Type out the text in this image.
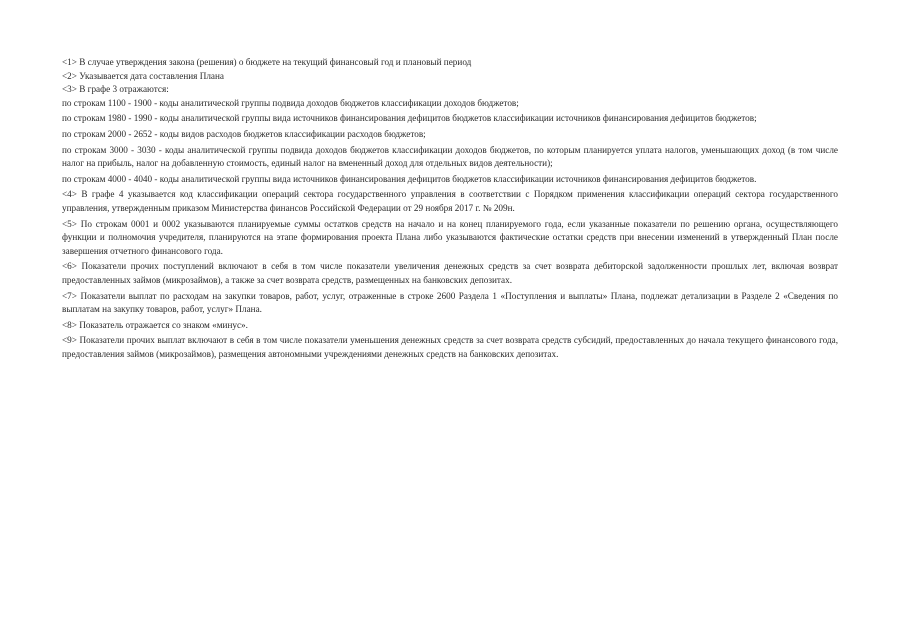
<1> В случае утверждения закона (решения) о бюджете на текущий финансовый год и плановый период

<2> Указывается дата составления Плана

<3> В графе 3 отражаются:

по строкам 1100 - 1900 - коды аналитической группы подвида доходов бюджетов классификации доходов бюджетов;

по строкам 1980 - 1990 - коды аналитической группы вида источников финансирования дефицитов бюджетов классификации источников финансирования дефицитов бюджетов;

по строкам 2000 - 2652 - коды видов расходов бюджетов классификации расходов бюджетов;

по строкам 3000 - 3030 - коды аналитической группы подвида доходов бюджетов классификации доходов бюджетов, по которым планируется уплата налогов, уменьшающих доход (в том числе налог на прибыль, налог на добавленную стоимость, единый налог на вмененный доход для отдельных видов деятельности);

по строкам 4000 - 4040 - коды аналитической группы вида источников финансирования дефицитов бюджетов классификации источников финансирования дефицитов бюджетов.

<4> В графе 4 указывается код классификации операций сектора государственного управления в соответствии с Порядком применения классификации операций сектора государственного управления, утвержденным приказом Министерства финансов Российской Федерации от 29 ноября 2017 г. № 209н.

<5> По строкам 0001 и 0002 указываются планируемые суммы остатков средств на начало и на конец планируемого года, если указанные показатели по решению органа, осуществляющего функции и полномочия учредителя, планируются на этапе формирования проекта Плана либо указываются фактические остатки средств при внесении изменений в утвержденный План после завершения отчетного финансового года.

<6> Показатели прочих поступлений включают в себя в том числе показатели увеличения денежных средств за счет возврата дебиторской задолженности прошлых лет, включая возврат предоставленных займов (микрозаймов), а также за счет возврата средств, размещенных на банковских депозитах.

<7> Показатели выплат по расходам на закупки товаров, работ, услуг, отраженные в строке 2600 Раздела 1 «Поступления и выплаты» Плана, подлежат детализации в Разделе 2 «Сведения по выплатам на закупку товаров, работ, услуг» Плана.

<8> Показатель отражается со знаком «минус».

<9> Показатели прочих выплат включают в себя в том числе показатели уменьшения денежных средств за счет возврата средств субсидий, предоставленных до начала текущего финансового года, предоставления займов (микрозаймов), размещения автономными учреждениями денежных средств на банковских депозитах.
